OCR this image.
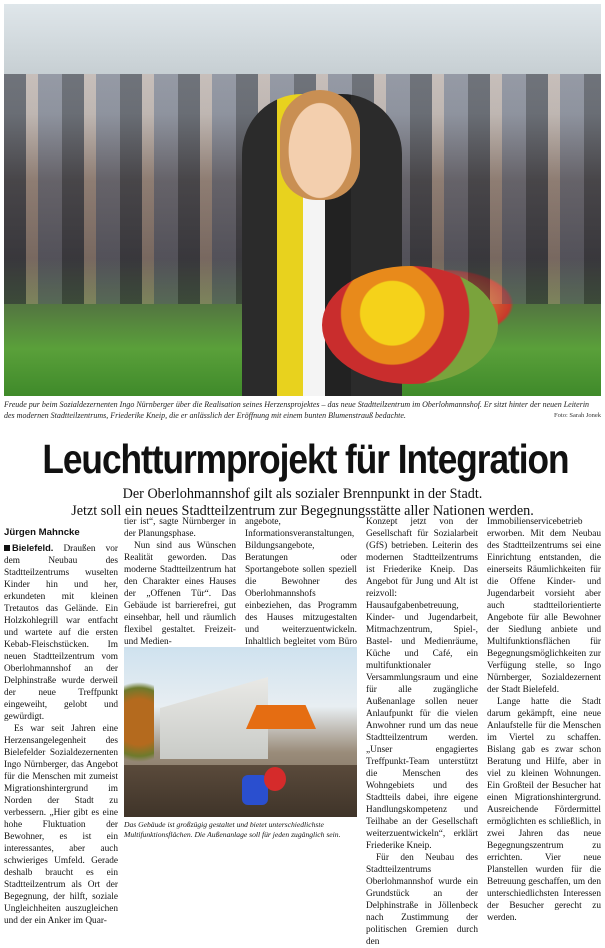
Freude pur beim Sozialdezernenten Ingo Nürnberger über die Realisation seines Herzensprojektes – das neue Stadtteilzentrum im Oberlohmannshof. Er sitzt hinter der neuen Leiterin des modernen Stadtteilzentrums, Friederike Kneip, die er anlässlich der Eröffnung mit einem bunten Blumenstrauß bedachte.	Foto: Sarah Jonek
Leuchtturmprojekt für Integration
Der Oberlohmannshof gilt als sozialer Brennpunkt in der Stadt.
Jetzt soll ein neues Stadtteilzentrum zur Begegnungsstätte aller Nationen werden.
Jürgen Mahncke

Bielefeld. Draußen vor dem Neubau des Stadtteilzentrums wuselten Kinder hin und her, erkundeten mit kleinen Tretautos das Gelände. Ein Holzkohlegrill war entfacht und wartete auf die ersten Kebab-Fleischstücken. Im neuen Stadtteilzentrum vom Oberlohmannshof an der Delphinstraße wurde derweil der neue Treffpunkt eingeweiht, gelobt und gewürdigt.

Es war seit Jahren eine Herzensangelegenheit des Bielefelder Sozialdezernenten Ingo Nürnberger, das Angebot für die Menschen mit zumeist Migrationshintergrund im Norden der Stadt zu verbessern. „Hier gibt es eine hohe Fluktuation der Bewohner, es ist ein interessantes, aber auch schwieriges Umfeld. Gerade deshalb braucht es ein Stadtteilzentrum als Ort der Begegnung, der hilft, soziale Ungleichheiten auszugleichen und der ein Anker im Quar-

tier ist“, sagte Nürnberger in der Planungsphase.

Nun sind aus Wünschen Realität geworden. Das moderne Stadtteilzentrum hat den Charakter eines Hauses der „Offenen Tür“. Das Gebäude ist barrierefrei, gut einsehbar, hell und räumlich flexibel gestaltet. Freizeit- und Medien-

angebote, Informationsveranstaltungen, Bildungsangebote, Beratungen oder Sportangebote sollen speziell die Bewohner des Oberlohmannshofs einbeziehen, das Programm des Hauses mitzugestalten und weiterzuentwickeln. Inhaltlich begleitet vom Büro

Konzept jetzt von der Gesellschaft für Sozialarbeit (GfS) betrieben. Leiterin des modernen Stadtteilzentrums ist Friederike Kneip. Das Angebot für Jung und Alt ist reizvoll: Hausaufgabenbetreuung, Kinder- und Jugendarbeit, Mitmachzentrum, Spiel-, Bastel- und Medienräume, Küche und Café, ein multifunktionaler Versammlungsraum und eine für alle zugängliche Außenanlage sollen neuer Anlaufpunkt für die vielen Anwohner rund um das neue Stadtteilzentrum werden. „Unser engagiertes Treffpunkt-Team unterstützt die Menschen des Wohngebiets und des Stadtteils dabei, ihre eigene Handlungskompetenz und Teilhabe an der Gesellschaft weiterzuentwickeln“, erklärt Friederike Kneip.

Für den Neubau des Stadtteilzentrums Oberlohmannshof wurde ein Grundstück an der Delphinstraße in Jöllenbeck nach Zustimmung der politischen Gremien durch den

Immobilienservicebetrieb erworben. Mit dem Neubau des Stadtteilzentrums sei eine Einrichtung entstanden, die einerseits Räumlichkeiten für die Offene Kinder- und Jugendarbeit vorsieht aber auch stadtteilorientierte Angebote für alle Bewohner der Siedlung anbiete und Multifunktionsflächen für Begegnungsmöglichkeiten zur Verfügung stelle, so Ingo Nürnberger, Sozialdezernent der Stadt Bielefeld.

Lange hatte die Stadt darum gekämpft, eine neue Anlaufstelle für die Menschen im Viertel zu schaffen. Bislang gab es zwar schon Beratung und Hilfe, aber in viel zu kleinen Wohnungen. Ein Großteil der Besucher hat einen Migrationshintergrund. Ausreichende Fördermittel ermöglichten es schließlich, in zwei Jahren das neue Begegnungszentrum zu errichten. Vier neue Planstellen wurden für die Betreuung geschaffen, um den unterschiedlichsten Interessen der Besucher gerecht zu werden.

Das Gebäude ist großzügig gestaltet und bietet unterschiedlichste Multifunktionsflächen. Die Außenanlage soll für jeden zugänglich sein.
